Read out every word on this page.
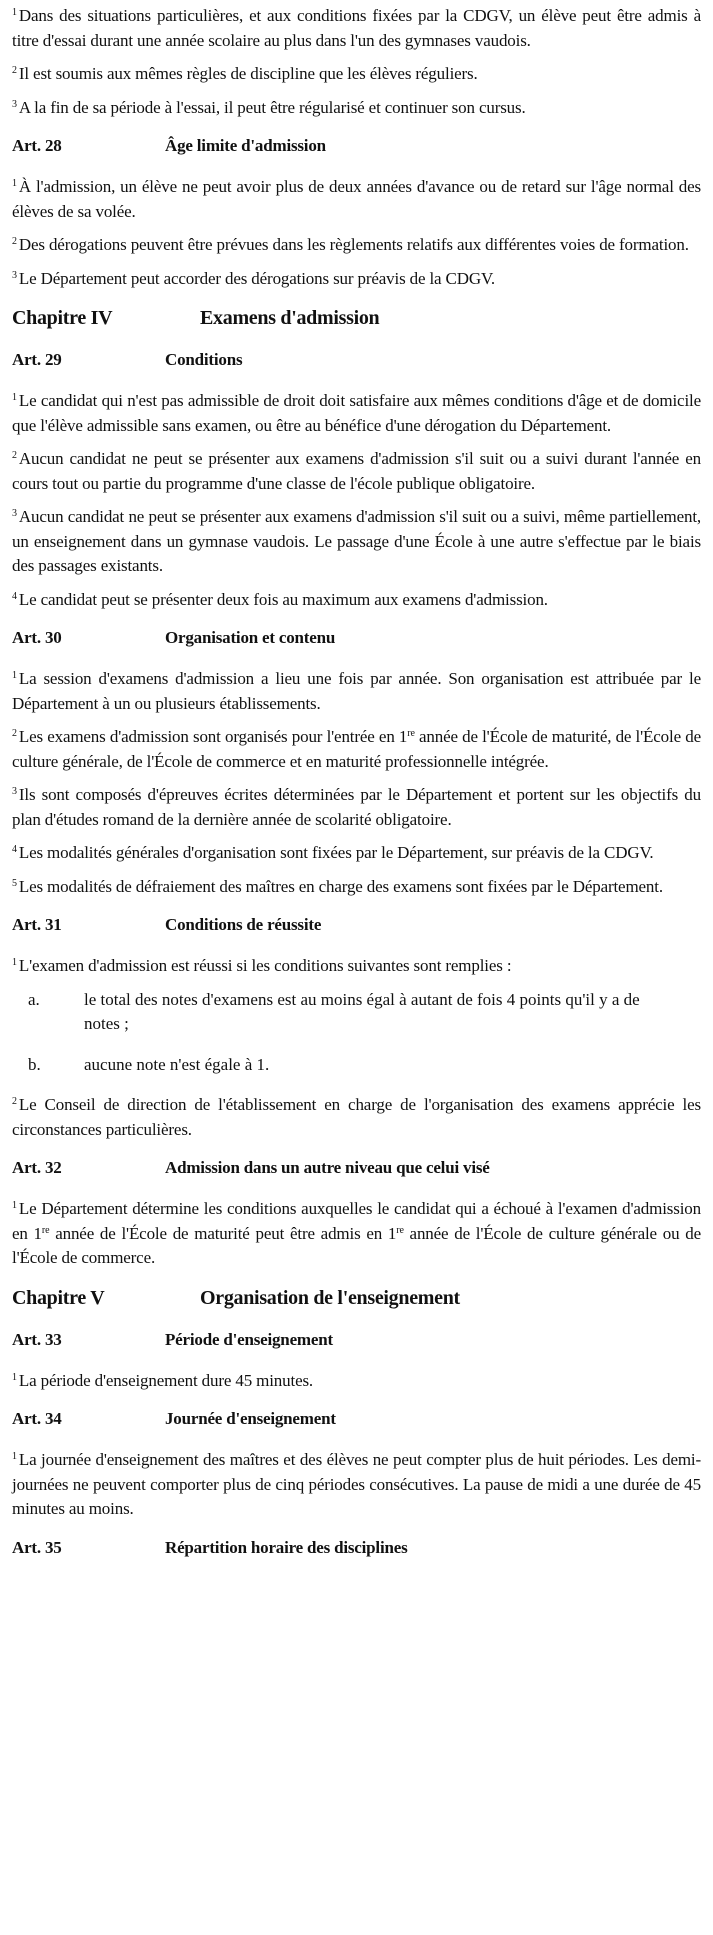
$^1$ Dans des situations particulières, et aux conditions fixées par la CDGV, un élève peut être admis à titre d'essai durant une année scolaire au plus dans l'un des gymnases vaudois.

$^2$ Il est soumis aux mêmes règles de discipline que les élèves réguliers.

$^3$ A la fin de sa période à l'essai, il peut être régularisé et continuer son cursus.

Art. 28	Âge limite d'admission

$^1$ À l'admission, un élève ne peut avoir plus de deux années d'avance ou de retard sur l'âge normal des élèves de sa volée.

$^2$ Des dérogations peuvent être prévues dans les règlements relatifs aux différentes voies de formation.

$^3$ Le Département peut accorder des dérogations sur préavis de la CDGV.

Chapitre IV	Examens d'admission
Art. 29	Conditions

$^1$ Le candidat qui n'est pas admissible de droit doit satisfaire aux mêmes conditions d'âge et de domicile que l'élève admissible sans examen, ou être au bénéfice d'une dérogation du Département.

$^2$ Aucun candidat ne peut se présenter aux examens d'admission s'il suit ou a suivi durant l'année en cours tout ou partie du programme d'une classe de l'école publique obligatoire.

$^3$ Aucun candidat ne peut se présenter aux examens d'admission s'il suit ou a suivi, même partiellement, un enseignement dans un gymnase vaudois. Le passage d'une École à une autre s'effectue par le biais des passages existants.

$^4$ Le candidat peut se présenter deux fois au maximum aux examens d'admission.

Art. 30	Organisation et contenu

$^1$ La session d'examens d'admission a lieu une fois par année. Son organisation est attribuée par le Département à un ou plusieurs établissements.

$^2$ Les examens d'admission sont organisés pour l'entrée en 1re année de l'École de maturité, de l'École de culture générale, de l'École de commerce et en maturité professionnelle intégrée.

$^3$ Ils sont composés d'épreuves écrites déterminées par le Département et portent sur les objectifs du plan d'études romand de la dernière année de scolarité obligatoire.

$^4$ Les modalités générales d'organisation sont fixées par le Département, sur préavis de la CDGV.

$^5$ Les modalités de défraiement des maîtres en charge des examens sont fixées par le Département.

Art. 31	Conditions de réussite

$^1$ L'examen d'admission est réussi si les conditions suivantes sont remplies :

a.	le total des notes d'examens est au moins égal à autant de fois 4 points qu'il y a de notes ;
b.	aucune note n'est égale à 1.

$^2$ Le Conseil de direction de l'établissement en charge de l'organisation des examens apprécie les circonstances particulières.

Art. 32	Admission dans un autre niveau que celui visé

$^1$ Le Département détermine les conditions auxquelles le candidat qui a échoué à l'examen d'admission en 1re année de l'École de maturité peut être admis en 1re année de l'École de culture générale ou de l'École de commerce.

Chapitre V	Organisation de l'enseignement
Art. 33	Période d'enseignement

$^1$ La période d'enseignement dure 45 minutes.

Art. 34	Journée d'enseignement

$^1$ La journée d'enseignement des maîtres et des élèves ne peut compter plus de huit périodes. Les demi-journées ne peuvent comporter plus de cinq périodes consécutives. La pause de midi a une durée de 45 minutes au moins.

Art. 35	Répartition horaire des disciplines
